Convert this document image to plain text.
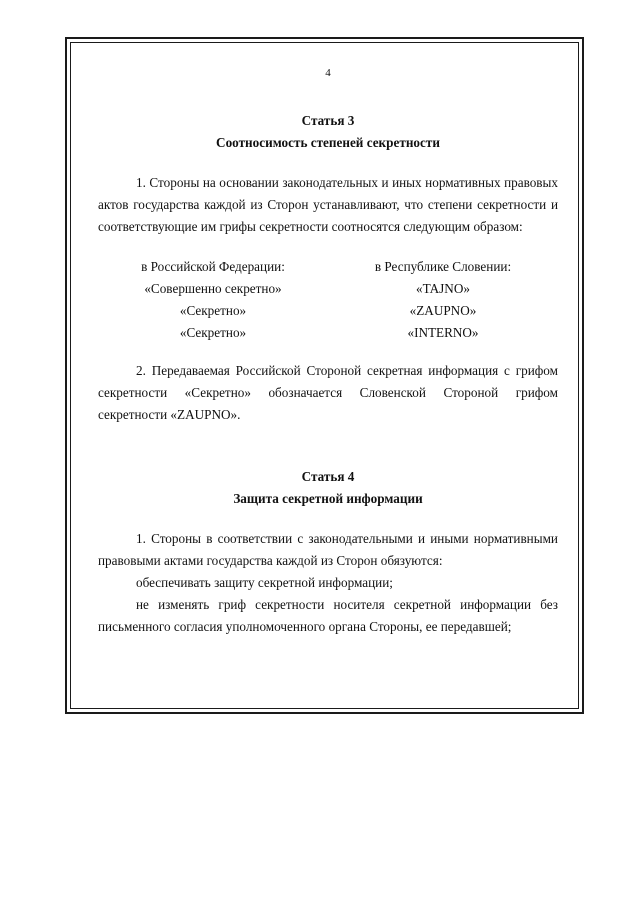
4
Статья 3
Соотносимость степеней секретности

1. Стороны на основании законодательных и иных нормативных правовых актов государства каждой из Сторон устанавливают, что степени секретности и соответствующие им грифы секретности соотносятся следующим образом:

в Российской Федерации:
«Совершенно секретно»
«Секретно»
«Секретно»
в Республике Словении:
«TAJNO»
«ZAUPNO»
«INTERNO»

2. Передаваемая Российской Стороной секретная информация с грифом секретности «Секретно» обозначается Словенской Стороной грифом секретности «ZAUPNO».

Статья 4
Защита секретной информации

1. Стороны в соответствии с законодательными и иными нормативными правовыми актами государства каждой из Сторон обязуются:

обеспечивать защиту секретной информации;

не изменять гриф секретности носителя секретной информации без письменного согласия уполномоченного органа Стороны, ее передавшей;
